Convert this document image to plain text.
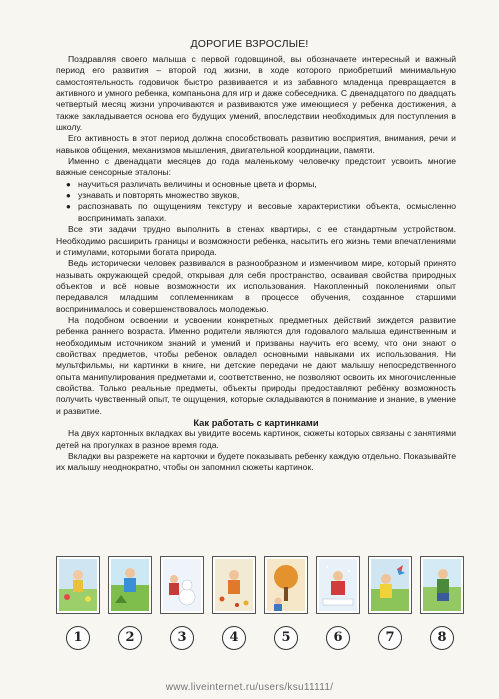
ДОРОГИЕ ВЗРОСЛЫЕ!

Поздравляя своего малыша с первой годовщиной, вы обозначаете интересный и важный период его развития – второй год жизни, в ходе которого приобретший минимальную самостоятельность годовичок быстро развивается и из забавного младенца превращается в активного и умного ребенка, компаньона для игр и даже собеседника. С двенадцатого по двадцать четвертый месяц жизни упрочиваются и развиваются уже имеющиеся у ребенка достижения, а также закладывается основа его будущих умений, впоследствии необходимых для поступления в школу.

Его активность в этот период должна способствовать развитию восприятия, внимания, речи и навыков общения, механизмов мышления, двигательной координации, памяти.

Именно с двенадцати месяцев до года маленькому человечку предстоит усвоить многие важные сенсорные эталоны:

● научиться различать величины и основные цвета и формы,
● узнавать и повторять множество звуков,
● распознавать по ощущениям текстуру и весовые характеристики объекта, осмысленно воспринимать запахи.

Все эти задачи трудно выполнить в стенах квартиры, с ее стандартным устройством. Необходимо расширить границы и возможности ребенка, насытить его жизнь теми впечатлениями и стимулами, которыми богата природа.

Ведь исторически человек развивался в разнообразном и изменчивом мире, который принято называть окружающей средой, открывая для себя пространство, осваивая свойства природных объектов и всё новые возможности их использования. Накопленный поколениями опыт передавался младшим соплеменникам в процессе обучения, созданное старшими воспринималось и совершенствовалось молодежью.

На подобном освоении и усвоении конкретных предметных действий зиждется развитие ребенка раннего возраста. Именно родители являются для годовалого малыша единственным и необходимым источником знаний и умений и призваны научить его всему, что они знают о свойствах предметов, чтобы ребенок овладел основными навыками их использования. Ни мультфильмы, ни картинки в книге, ни детские передачи не дают малышу непосредственного опыта манипулирования предметами и, соответственно, не позволяют освоить их многочисленные свойства. Только реальные предметы, объекты природы предоставляют ребёнку возможность получить чувственный опыт, те ощущения, которые складываются в понимание и знание, в умение и развитие.

Как работать с картинками

На двух картонных вкладках вы увидите восемь картинок, сюжеты которых связаны с занятиями детей на прогулках в разное время года.

Вкладки вы разрежете на карточки и будете показывать ребенку каждую отдельно. Показывайте их малышу неоднократно, чтобы он запомнил сюжеты картинок.

1	2	3	4	5	6	7	8
www.liveinternet.ru/users/ksu11111/
